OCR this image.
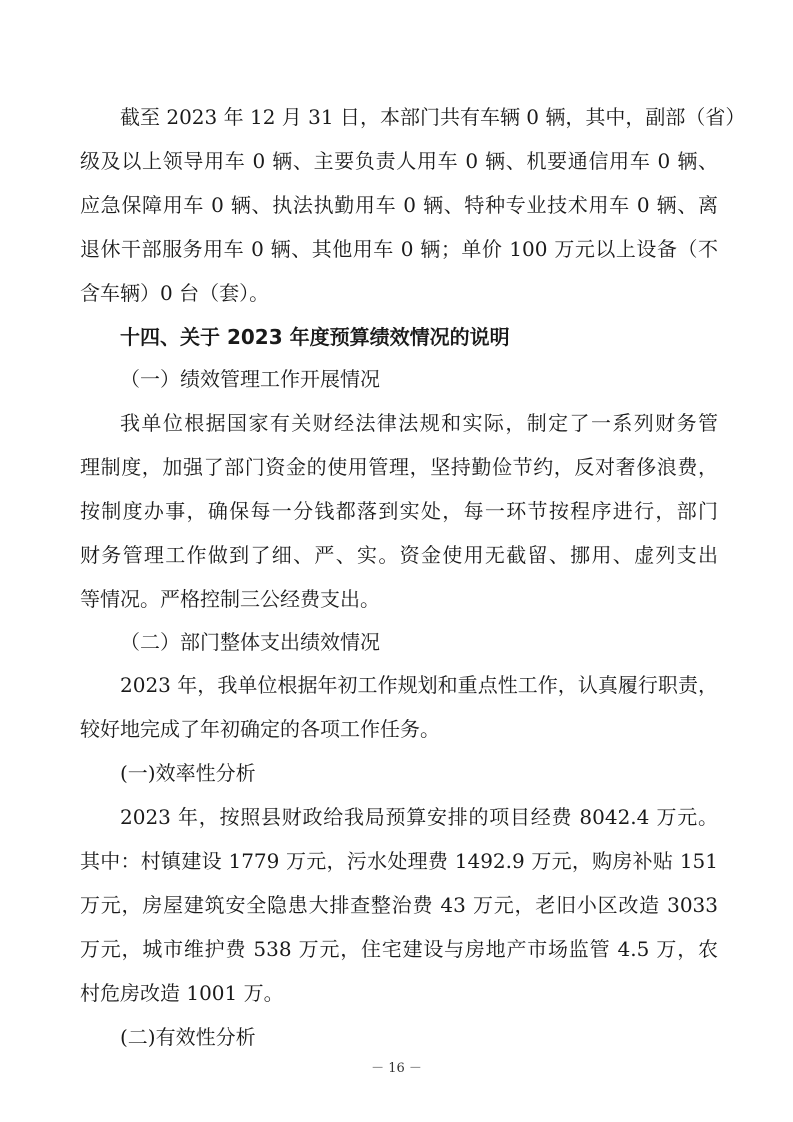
截至 2023 年 12 月 31 日，本部门共有车辆 0 辆，其中，副部（省）
级及以上领导用车 0 辆、主要负责人用车 0 辆、机要通信用车 0 辆、
应急保障用车 0 辆、执法执勤用车 0 辆、特种专业技术用车 0 辆、离
退休干部服务用车 0 辆、其他用车 0 辆；单价 100 万元以上设备（不
含车辆）0 台（套）。
十四、关于 2023 年度预算绩效情况的说明
（一）绩效管理工作开展情况
我单位根据国家有关财经法律法规和实际，制定了一系列财务管
理制度，加强了部门资金的使用管理，坚持勤俭节约，反对奢侈浪费，
按制度办事，确保每一分钱都落到实处，每一环节按程序进行，部门
财务管理工作做到了细、严、实。资金使用无截留、挪用、虚列支出
等情况。严格控制三公经费支出。
（二）部门整体支出绩效情况
2023 年，我单位根据年初工作规划和重点性工作，认真履行职责，
较好地完成了年初确定的各项工作任务。
(一)效率性分析
2023 年，按照县财政给我局预算安排的项目经费 8042.4 万元。
其中：村镇建设 1779 万元，污水处理费 1492.9 万元，购房补贴 151
万元，房屋建筑安全隐患大排查整治费 43 万元，老旧小区改造 3033
万元，城市维护费 538 万元，住宅建设与房地产市场监管 4.5 万，农
村危房改造 1001 万。
(二)有效性分析
－ 16 －
